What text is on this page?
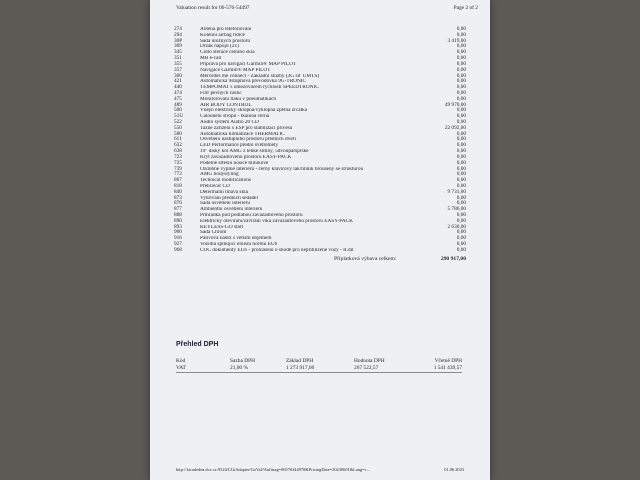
Valuation result for 06-576-54497	Page 2 of 2
274	Anténa pro telefonování	0,00
294	Kolenní airbag řidiče	0,00
30P	Sada úložných prostorů	3 419,00
309	Držák nápojů (2x)	0,00
345	Čidlo stěrače čelního skla	0,00
351	MB e-call	0,00
355	Příprava pro navigaci Garmin® MAP PILOT	0,00
357	Navigace Garmin® MAP PILOT	0,00
360	Mercedes me connect - Základní služby (3G síť UMTS)	0,00
421	Automatická 9stupňová převodovka 9G-TRONIC	0,00
440	TEMPOMAT s omezovačem rychlosti SPEEDTRONIC	0,00
474	Filtr pevných částic	0,00
475	Monitorování tlaku v pneumatikách	0,00
489	AIR BODY CONTROL	49 970,00
500	Vnější elektricky sklopná/výklopná zpětná zrcátka	0,00
51U	Čalounění stropu - tkanina černá	0,00
522	Audio systém Audio 20 CD	0,00
550	Tažné zařízení s ESP pro stabilizaci přívěsu	22 092,00
580	Automatická klimatizace THERMATIC	0,00
611	Osvětlení nástupního prostoru předních dveří	0,00
632	LED Performance přední světlomety	0,00
638	19" disky kol AMG z lehké slitiny, 5dvouparsprské	0,00
723	Kryt zavazadlového prostoru EASY-PACK	0,00
725	Podélné střešní nosiče hliníkové	0,00
739	Ozdobné výplně interiéru - černý klavírový lak/hliník broušený se strukturou	0,00
772	AMG bodystyling	0,00
807	Technical modifications	0,00
818	Přehrávač CD	0,00
840	Determální tmavá skla	9 731,00
873	Vyhřívání předních sedadel	0,00
876	Sada osvětlení interiéru	0,00
877	Ambientní osvětlení interiéru	5 786,00
888	Přihrádka pod podlahou zavazadlového prostoru	0,00
890	Elektricky otevírání/zavírání víka zavazadlového prostoru EASY-PACK	0,00
893	KEYLESS-GO start	2 630,00
900	Sada Chrom	0,00
916	Palivová nádrž s větším objemem	0,00
927	Vozidla splňující emisní normu EU6	0,00
968	COC dokumenty EU6 - prohlášení o shodě pro nepříbližené vozy - II.díl	0,00
Příplatková výbava celkem:	290 917,00
Přehled DPH
Kód	Sazba DPH	Základ DPH	Hodnota DPH	Včetně DPH
VAT	21,00 %	1 273 917,00	267 522,57	1 541 439,57
http://facadeden.dcx.cz:9524/CGiAdapter/GoVal?Aufttrag=06576344978&PricingDate=20230601&Lang=c...	01.06.2023
